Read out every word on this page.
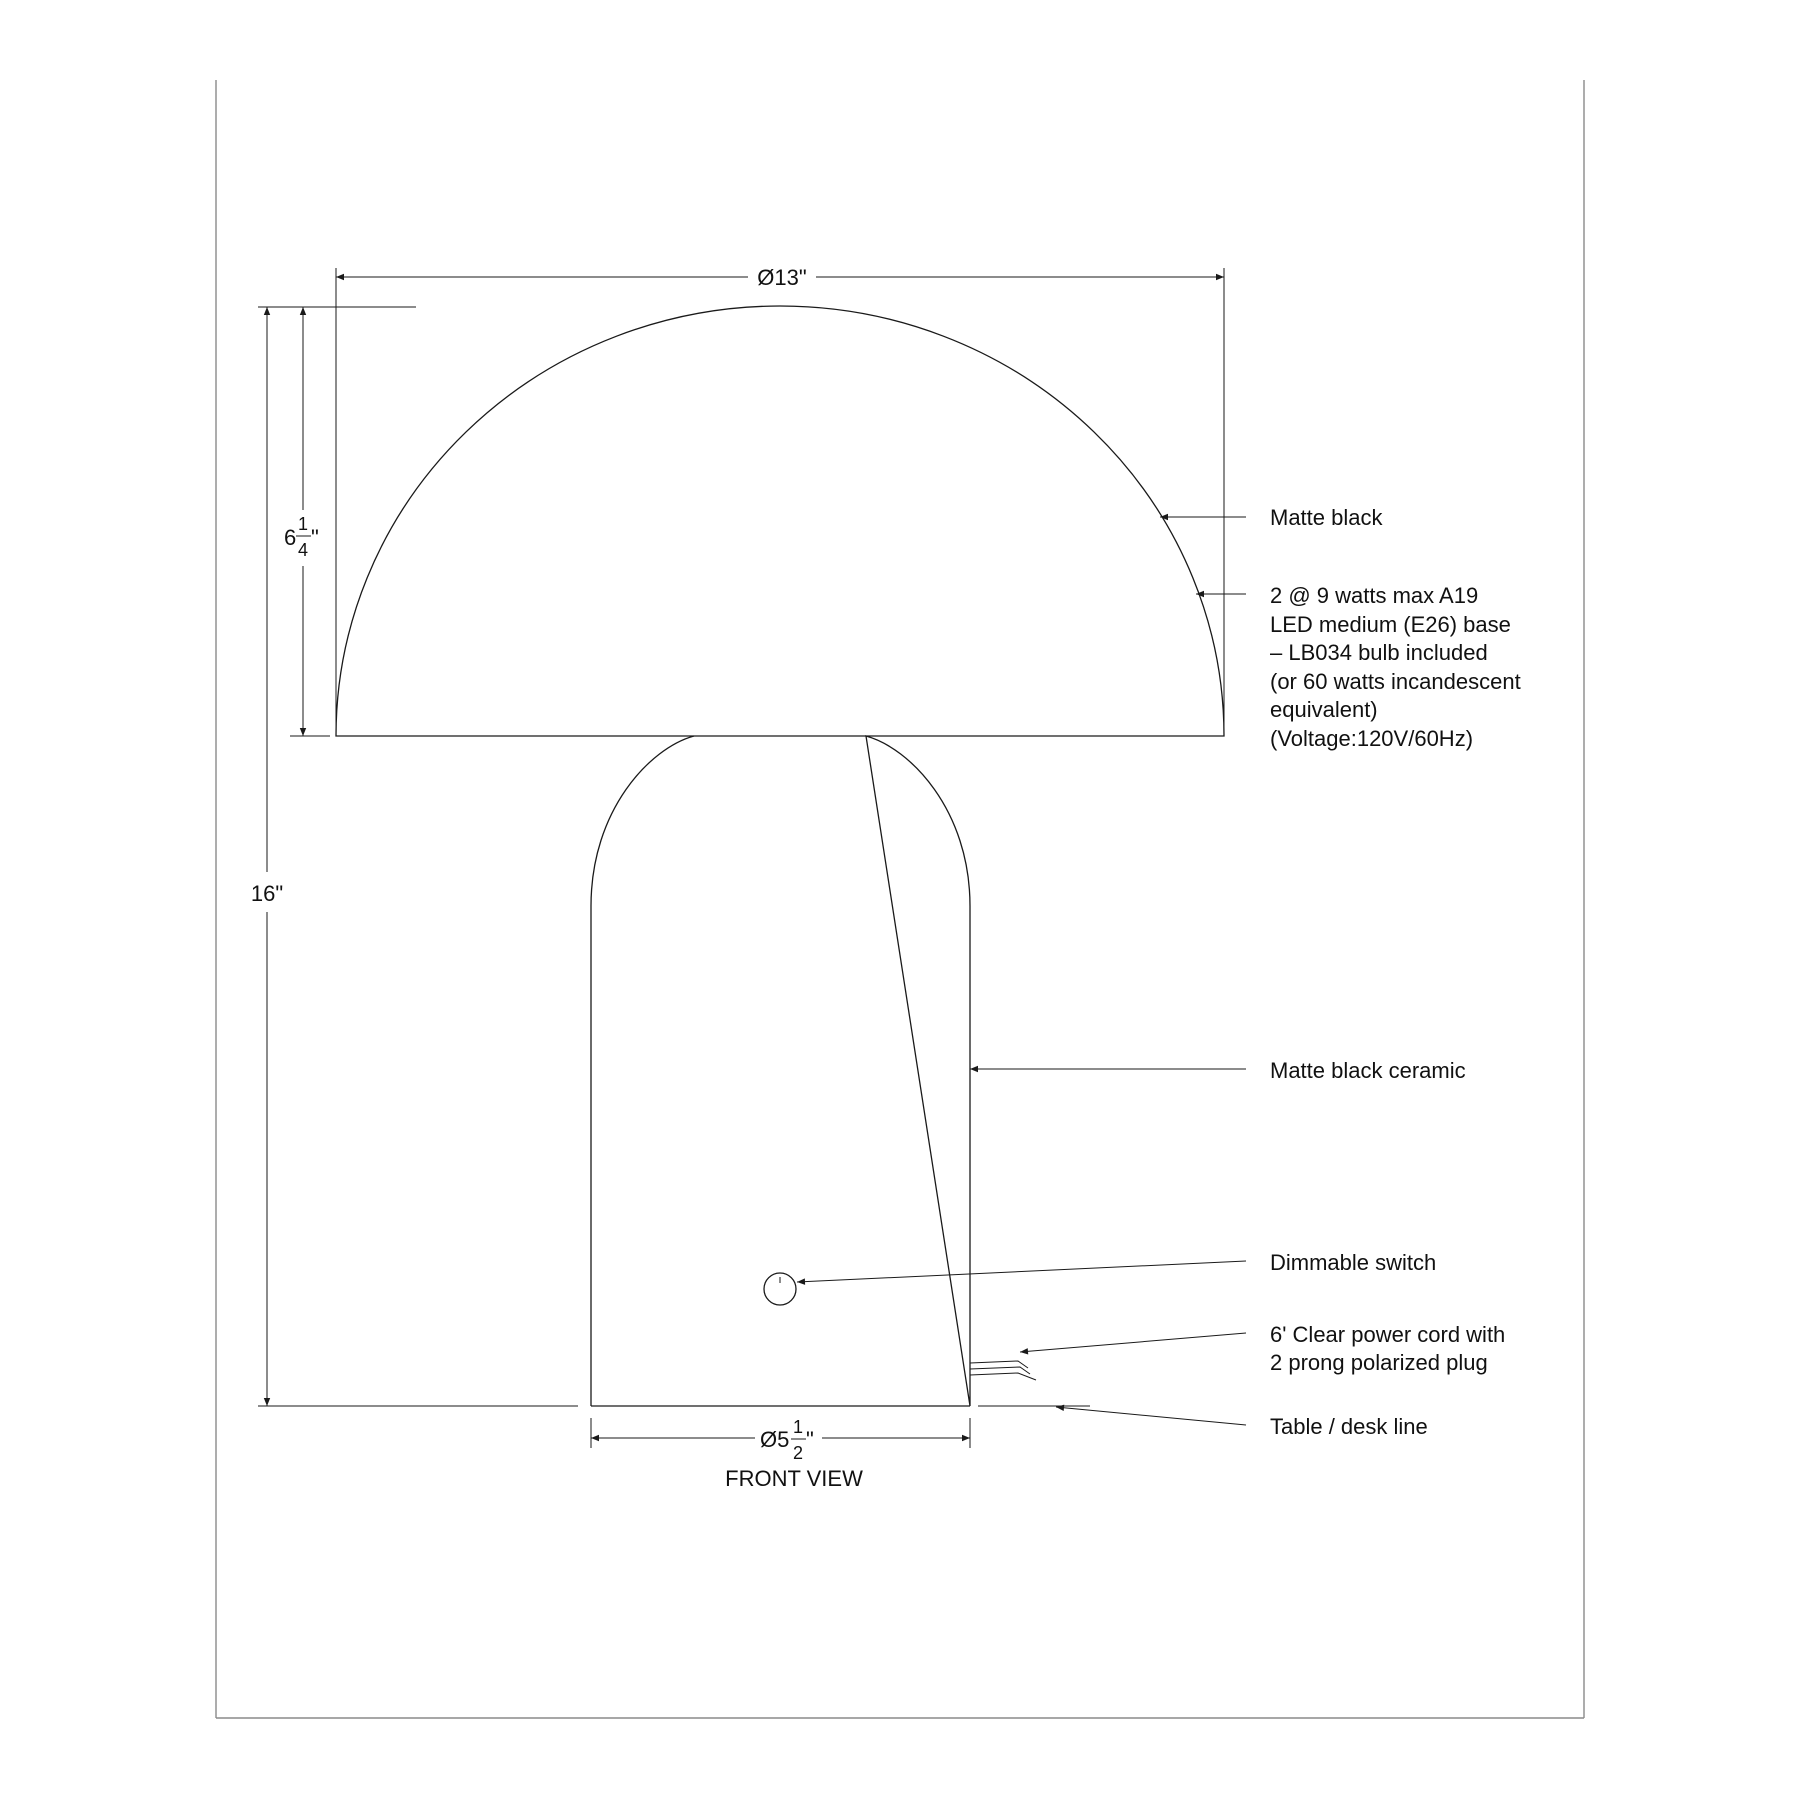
Ø13"
6
1
4 "
16"
Ø5 1
2
"
FRONT VIEW
Matte black
2 @ 9 watts max A19
LED medium (E26) base
– LB034 bulb included
(or 60 watts incandescent
equivalent)
(Voltage:120V/60Hz)
Matte black ceramic
Dimmable switch
6' Clear power cord with
2 prong polarized plug
Table / desk line
